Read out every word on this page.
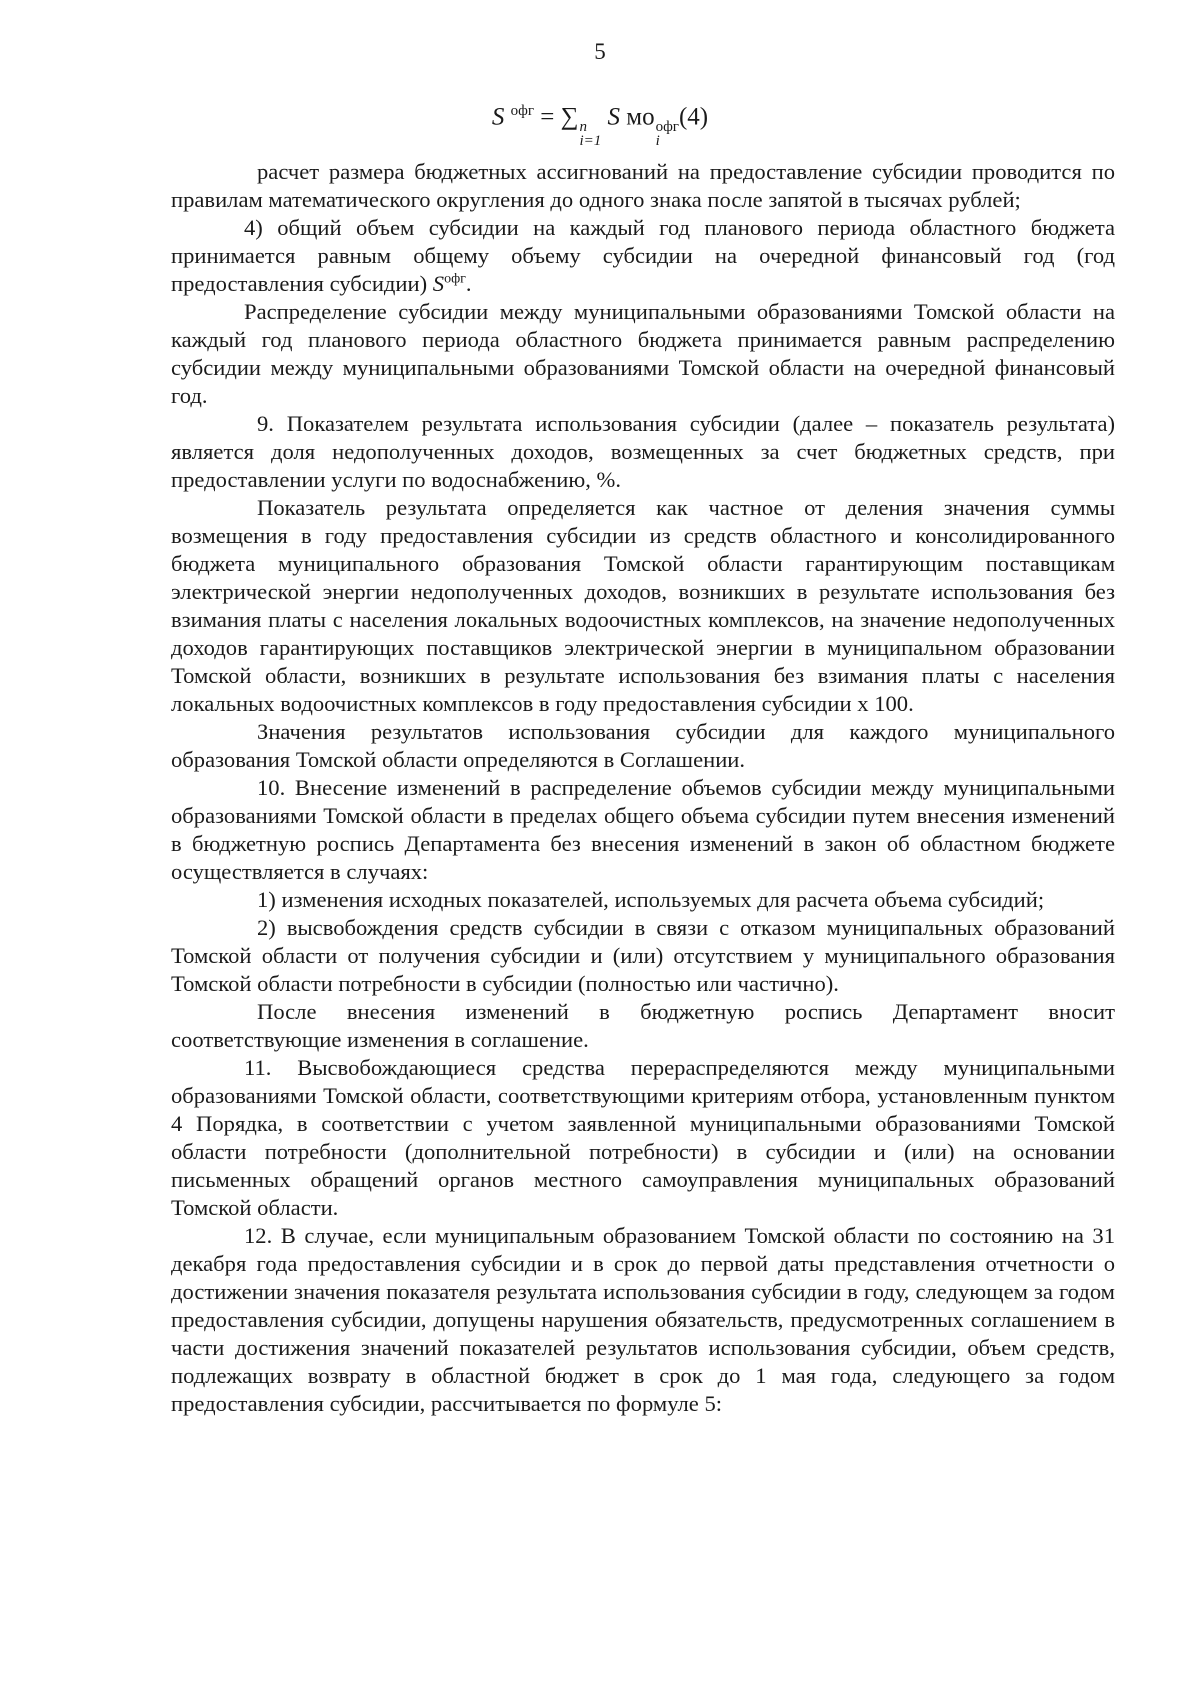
5
S $^{офг}$ = ∑ n
i=1
S мо офг
i
(4)

расчет размера бюджетных ассигнований на предоставление субсидии проводится по правилам математического округления до одного знака после запятой в тысячах рублей;

4) общий объем субсидии на каждый год планового периода областного бюджета принимается равным общему объему субсидии на очередной финансовый год (год предоставления субсидии) $S^{офг}$.

Распределение субсидии между муниципальными образованиями Томской области на каждый год планового периода областного бюджета принимается равным распределению субсидии между муниципальными образованиями Томской области на очередной финансовый год.

9. Показателем результата использования субсидии (далее – показатель результата) является доля недополученных доходов, возмещенных за счет бюджетных средств, при предоставлении услуги по водоснабжению, %.

Показатель результата определяется как частное от деления значения суммы возмещения в году предоставления субсидии из средств областного и консолидированного бюджета муниципального образования Томской области гарантирующим поставщикам электрической энергии недополученных доходов, возникших в результате использования без взимания платы с населения локальных водоочистных комплексов, на значение недополученных доходов гарантирующих поставщиков электрической энергии в муниципальном образовании Томской области, возникших в результате использования без взимания платы с населения локальных водоочистных комплексов в году предоставления субсидии х 100.

Значения результатов использования субсидии для каждого муниципального образования Томской области определяются в Соглашении.

10. Внесение изменений в распределение объемов субсидии между муниципальными образованиями Томской области в пределах общего объема субсидии путем внесения изменений в бюджетную роспись Департамента без внесения изменений в закон об областном бюджете осуществляется в случаях:

1) изменения исходных показателей, используемых для расчета объема субсидий;

2) высвобождения средств субсидии в связи с отказом муниципальных образований Томской области от получения субсидии и (или) отсутствием у муниципального образования Томской области потребности в субсидии (полностью или частично).

После внесения изменений в бюджетную роспись Департамент вносит соответствующие изменения в соглашение.

11. Высвобождающиеся средства перераспределяются между муниципальными образованиями Томской области, соответствующими критериям отбора, установленным пунктом 4 Порядка, в соответствии с учетом заявленной муниципальными образованиями Томской области потребности (дополнительной потребности) в субсидии и (или) на основании письменных обращений органов местного самоуправления муниципальных образований Томской области.

12. В случае, если муниципальным образованием Томской области по состоянию на 31 декабря года предоставления субсидии и в срок до первой даты представления отчетности о достижении значения показателя результата использования субсидии в году, следующем за годом предоставления субсидии, допущены нарушения обязательств, предусмотренных соглашением в части достижения значений показателей результатов использования субсидии, объем средств, подлежащих возврату в областной бюджет в срок до 1 мая года, следующего за годом предоставления субсидии, рассчитывается по формуле 5:
